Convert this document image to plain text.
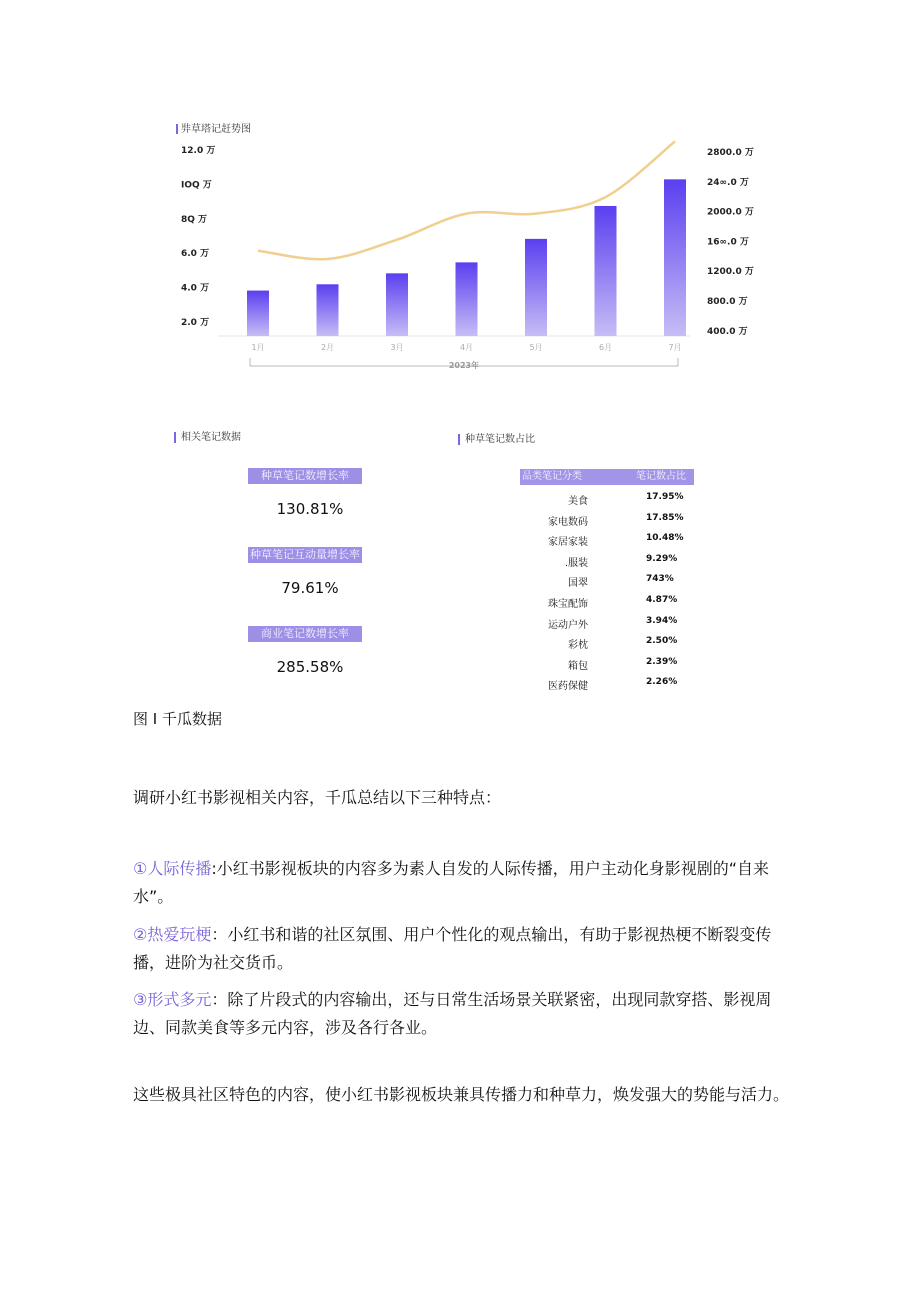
弉草塔记赶势图
12.0 万
IOQ 万
8Q 万
6.0 万
4.0 万
2.0 万
2800.0 万
24∞.0 万
2000.0 万
16∞.0 万
1200.0 万
800.0 万
400.0 万
1月	2月	3月	4月	5月	6月	7月
2023年
相关笔记数据
种草笔记数增长率
130.81%
种草笔记互动量增长率
79.61%
商业笔记数增长率
285.58%
种草笔记数占比
品类笔记分类	笔记数占比
美食	17.95%
家电数码	17.85%
家居家装	10.48%
.服装	9.29%
国翠	743%
珠宝配饰	4.87%
运动户外	3.94%
彩枕	2.50%
箱包	2.39%
医药保健	2.26%
图 I 千瓜数据
调研小红书影视相关内容，千瓜总结以下三种特点：
①人际传播:小红书影视板块的内容多为素人自发的人际传播，用户主动化身影视剧的“自来水”。
②热爱玩梗：小红书和谐的社区氛围、用户个性化的观点输出，有助于影视热梗不断裂变传播，进阶为社交货币。
③形式多元：除了片段式的内容输出，还与日常生活场景关联紧密，出现同款穿搭、影视周边、同款美食等多元内容，涉及各行各业。
这些极具社区特色的内容，使小红书影视板块兼具传播力和种草力，焕发强大的势能与活力。
